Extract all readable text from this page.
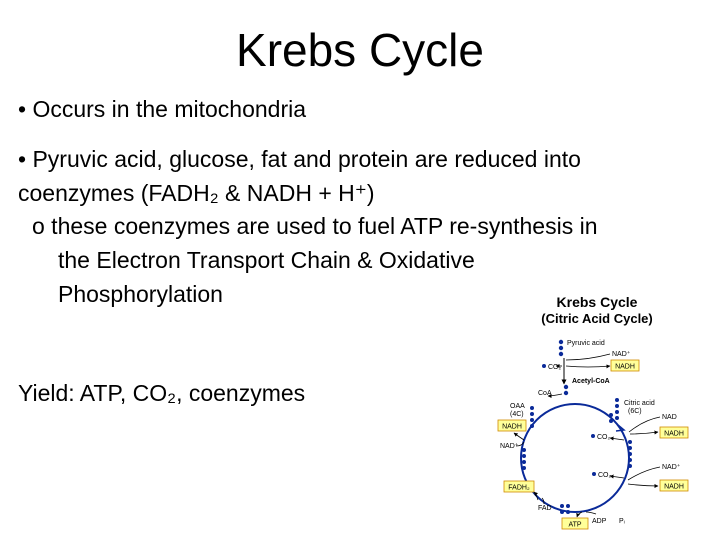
Krebs Cycle
• Occurs in the mitochondria
• Pyruvic acid, glucose, fat and protein are reduced into
coenzymes (FADH₂ & NADH + H⁺)
o these coenzymes are used to fuel ATP re-synthesis in
the Electron Transport Chain & Oxidative
Phosphorylation
Yield: ATP, CO₂, coenzymes
Krebs Cycle
(Citric Acid Cycle)
Pyruvic acid
NAD⁺
NADH
CO₂
Acetyl-CoA
CoA
OAA
(4C)
Citric acid
(6C)
NAD
NADH
CO₂
NADH
NAD⁺
CO₂
NAD⁺
NADH
FADH₂
FAD
ATP ADP Pᵢ
